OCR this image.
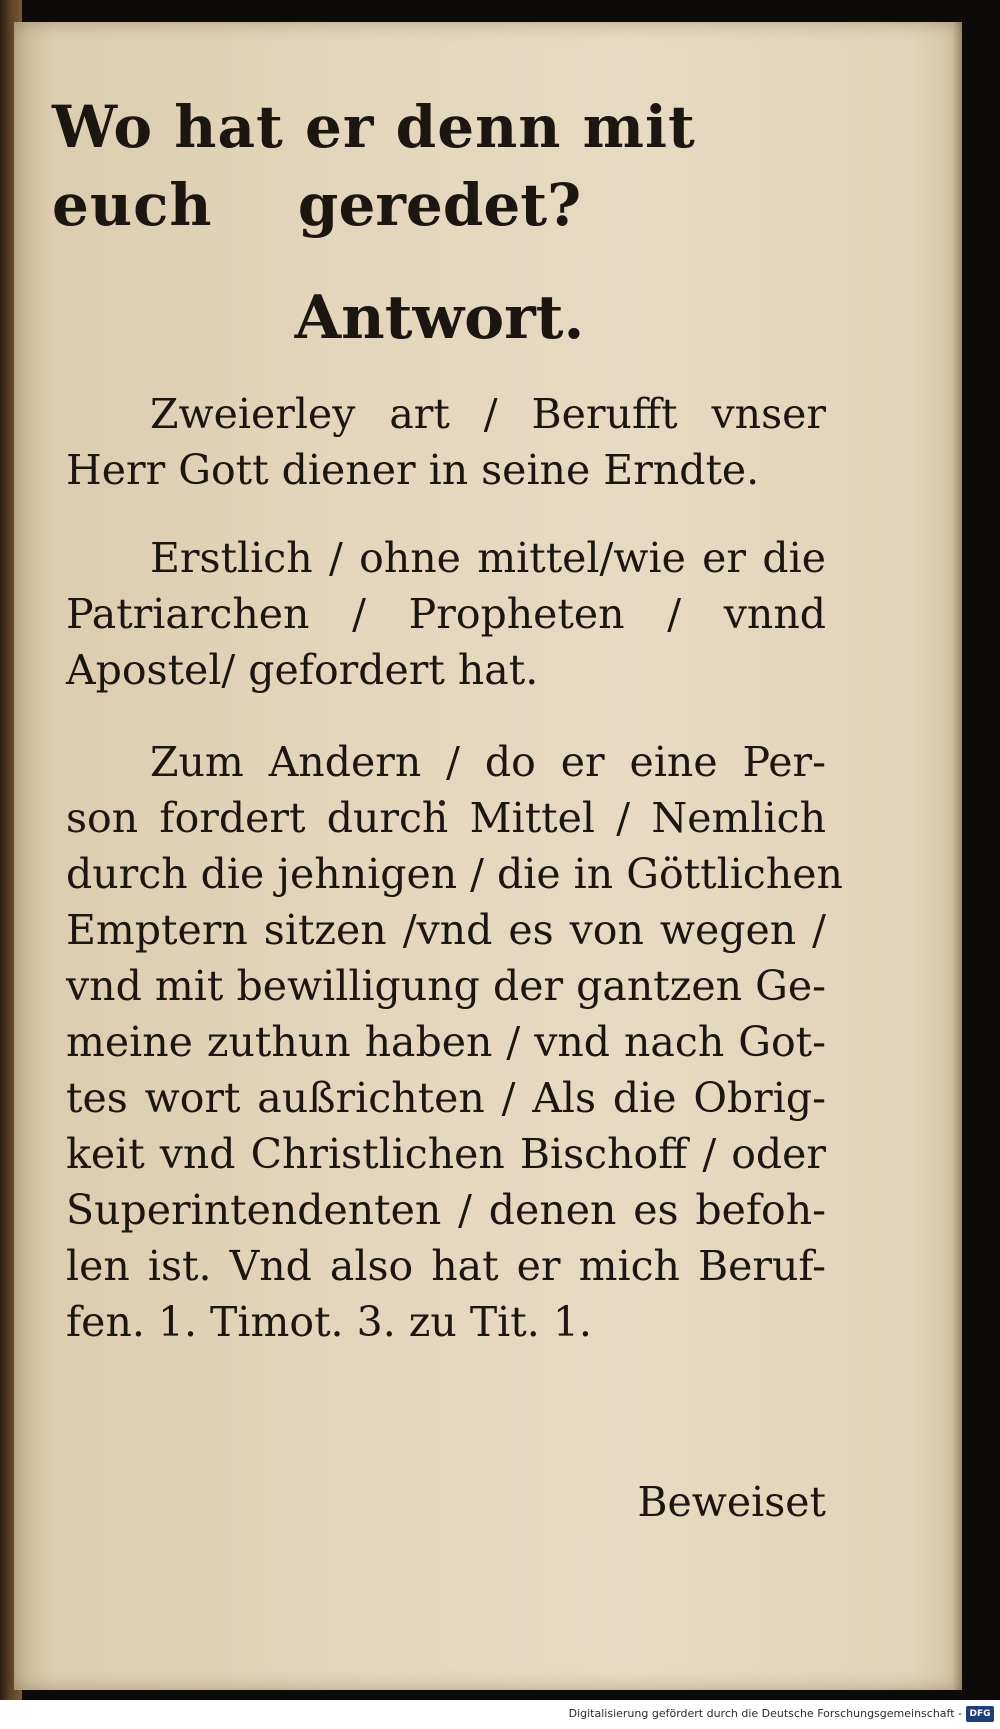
Wo hat er denn mit euch	geredet?
Antwort.
Zweierley art / Berufft vnser
Herr Gott diener in seine Erndte.
Erstlich / ohne mittel/wie er die
Patriarchen / Propheten / vnnd
Apostel/ gefordert hat.
Zum Andern / do er eine Per-
son fordert durch Mittel / Nemlich
durch die jehnigen / die in Göttlichen
Emptern sitzen /vnd es von wegen /
vnd mit bewilligung der gantzen Ge-
meine zuthun haben / vnd nach Got-
tes wort außrichten / Als die Obrig-
keit vnd Christlichen Bischoff / oder
Superintendenten / denen es befoh-
len ist. Vnd also hat er mich Beruf-
fen. 1. Timot. 3. zu Tit. 1.
Beweiset
Digitalisierung gefördert durch die Deutsche Forschungsgemeinschaft - DFG
